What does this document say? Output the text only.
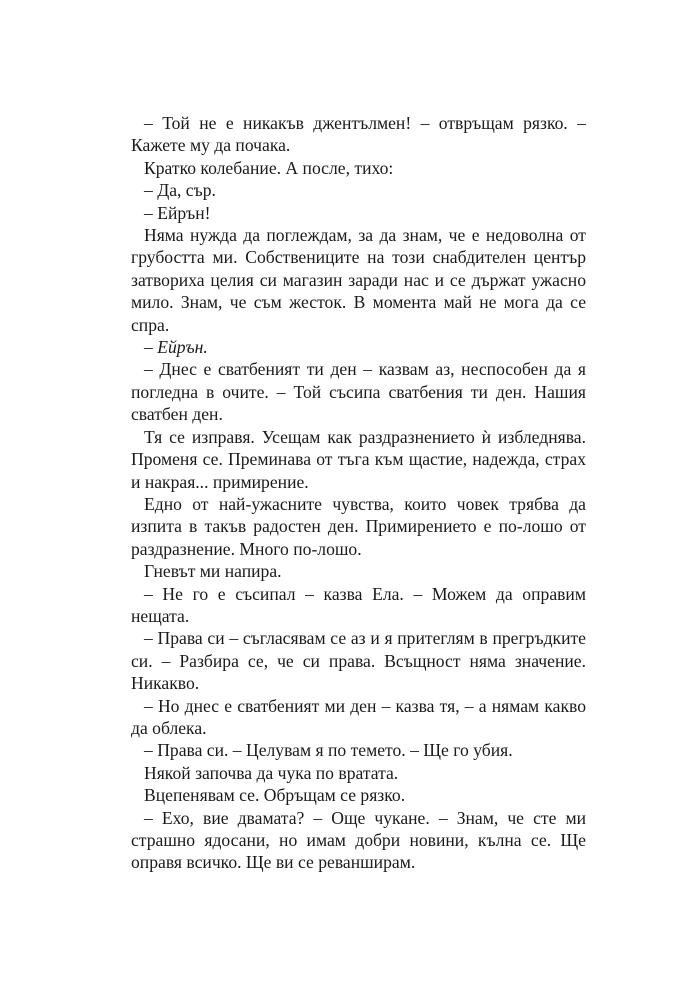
– Той не е никакъв джентълмен! – отвръщам рязко. – Кажете му да почака.

Кратко колебание. А после, тихо:

– Да, сър.

– Ейрън!

Няма нужда да поглеждам, за да знам, че е недоволна от грубостта ми. Собствениците на този снабдителен център затвориха целия си магазин заради нас и се държат ужасно мило. Знам, че съм жесток. В момента май не мога да се спра.

– Ейрън.

– Днес е сватбеният ти ден – казвам аз, неспособен да я погледна в очите. – Той съсипа сватбения ти ден. Нашия сватбен ден.

Тя се изправя. Усещам как раздразнението ѝ избледнява. Променя се. Преминава от тъга към щастие, надежда, страх и накрая... примирение.

Едно от най-ужасните чувства, които човек трябва да изпита в такъв радостен ден. Примирението е по-лошо от раздразнение. Много по-лошо.

Гневът ми напира.

– Не го е съсипал – казва Ела. – Можем да оправим нещата.

– Права си – съгласявам се аз и я притеглям в прегръдките си. – Разбира се, че си права. Всъщност няма значение. Никакво.

– Но днес е сватбеният ми ден – казва тя, – а нямам какво да облека.

– Права си. – Целувам я по темето. – Ще го убия.

Някой започва да чука по вратата.

Вцепенявам се. Обръщам се рязко.

– Ехо, вие двамата? – Още чукане. – Знам, че сте ми страшно ядосани, но имам добри новини, кълна се. Ще оправя всичко. Ще ви се реванширам.
